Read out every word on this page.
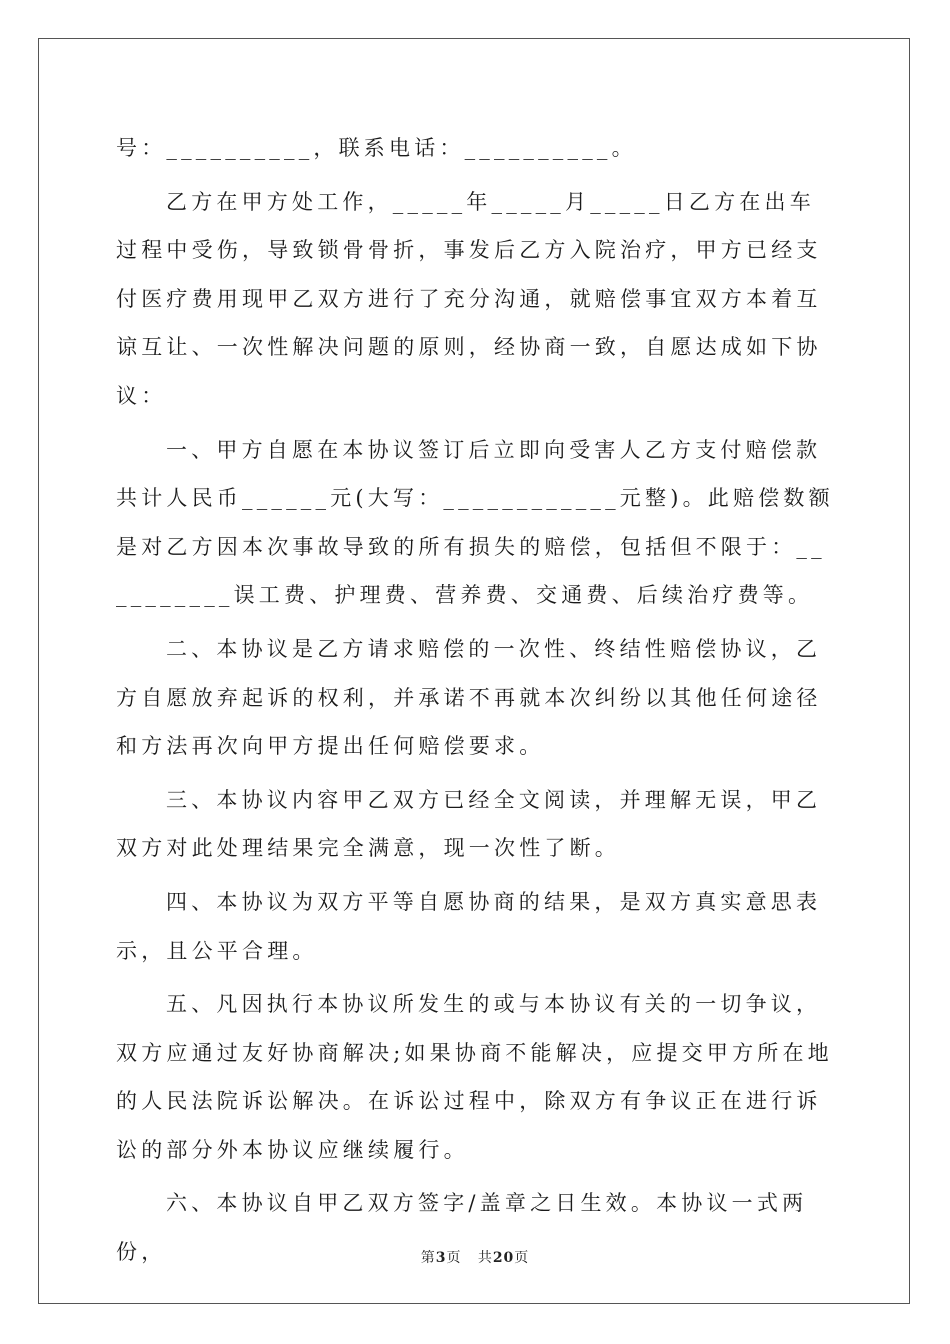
号：__________，联系电话：__________。

乙方在甲方处工作，_____年_____月_____日乙方在出车过程中受伤，导致锁骨骨折，事发后乙方入院治疗，甲方已经支付医疗费用现甲乙双方进行了充分沟通，就赔偿事宜双方本着互谅互让、一次性解决问题的原则，经协商一致，自愿达成如下协议：

一、甲方自愿在本协议签订后立即向受害人乙方支付赔偿款共计人民币______元(大写：____________元整)。此赔偿数额是对乙方因本次事故导致的所有损失的赔偿，包括但不限于：__________误工费、护理费、营养费、交通费、后续治疗费等。

二、本协议是乙方请求赔偿的一次性、终结性赔偿协议，乙方自愿放弃起诉的权利，并承诺不再就本次纠纷以其他任何途径和方法再次向甲方提出任何赔偿要求。

三、本协议内容甲乙双方已经全文阅读，并理解无误，甲乙双方对此处理结果完全满意，现一次性了断。

四、本协议为双方平等自愿协商的结果，是双方真实意思表示，且公平合理。

五、凡因执行本协议所发生的或与本协议有关的一切争议，双方应通过友好协商解决;如果协商不能解决，应提交甲方所在地的人民法院诉讼解决。在诉讼过程中，除双方有争议正在进行诉讼的部分外本协议应继续履行。

六、本协议自甲乙双方签字/盖章之日生效。本协议一式两份，	第3页 共20页
